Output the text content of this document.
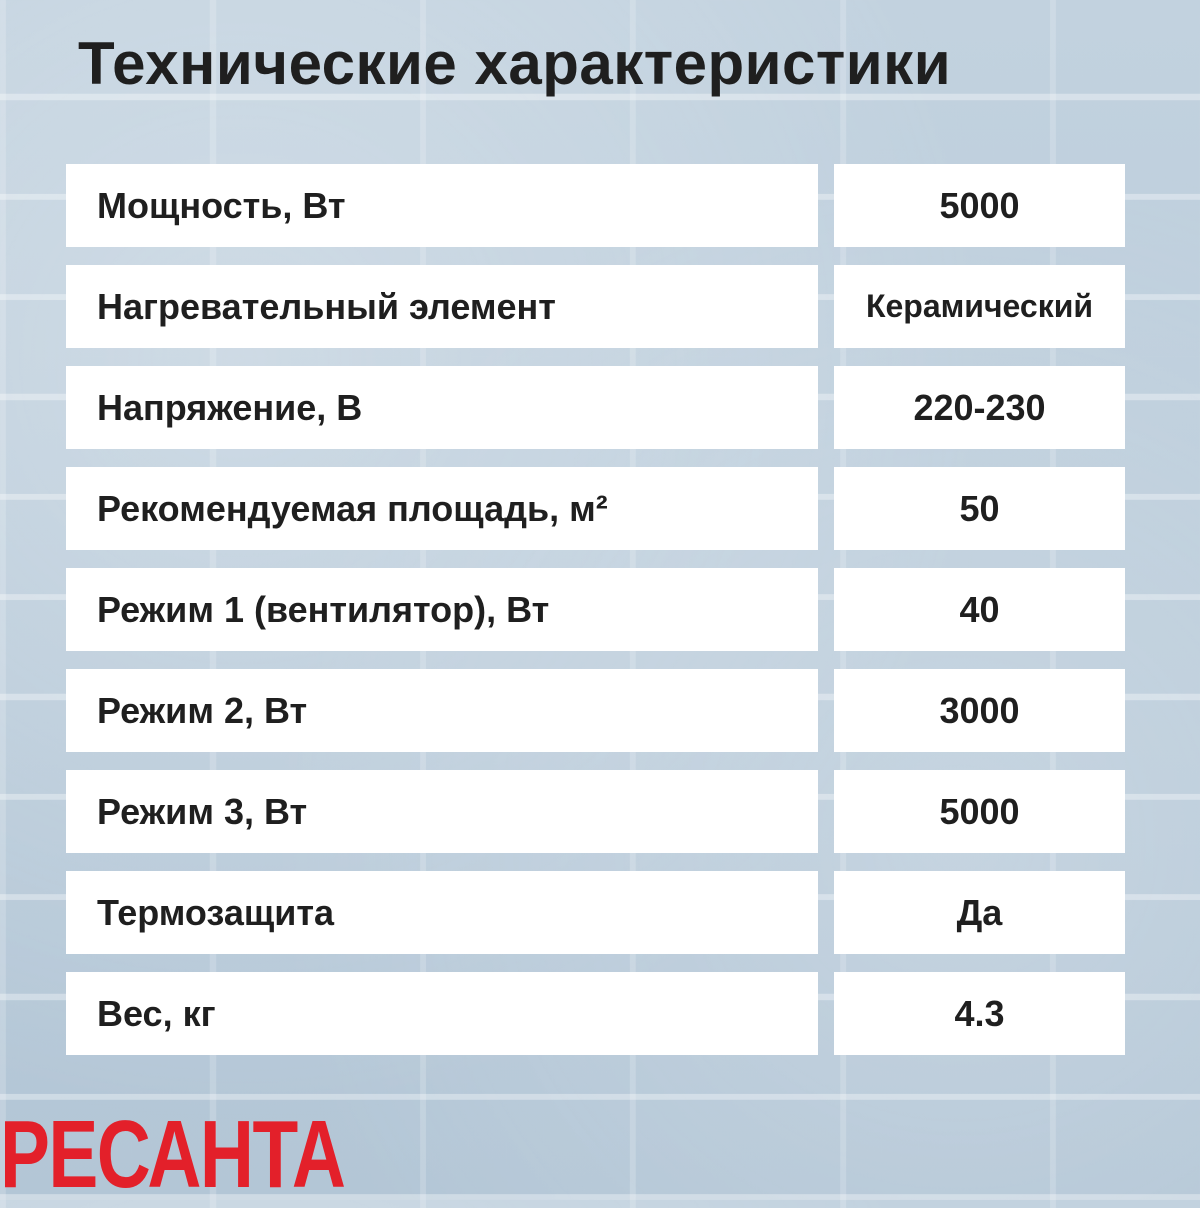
Технические характеристики
Мощность, Вт	5000
Нагревательный элемент	Керамический
Напряжение, В	220-230
Рекомендуемая площадь, м²	50
Режим 1 (вентилятор), Вт	40
Режим 2, Вт	3000
Режим 3, Вт	5000
Термозащита	Да
Вес, кг	4.3
РЕСАНТА
